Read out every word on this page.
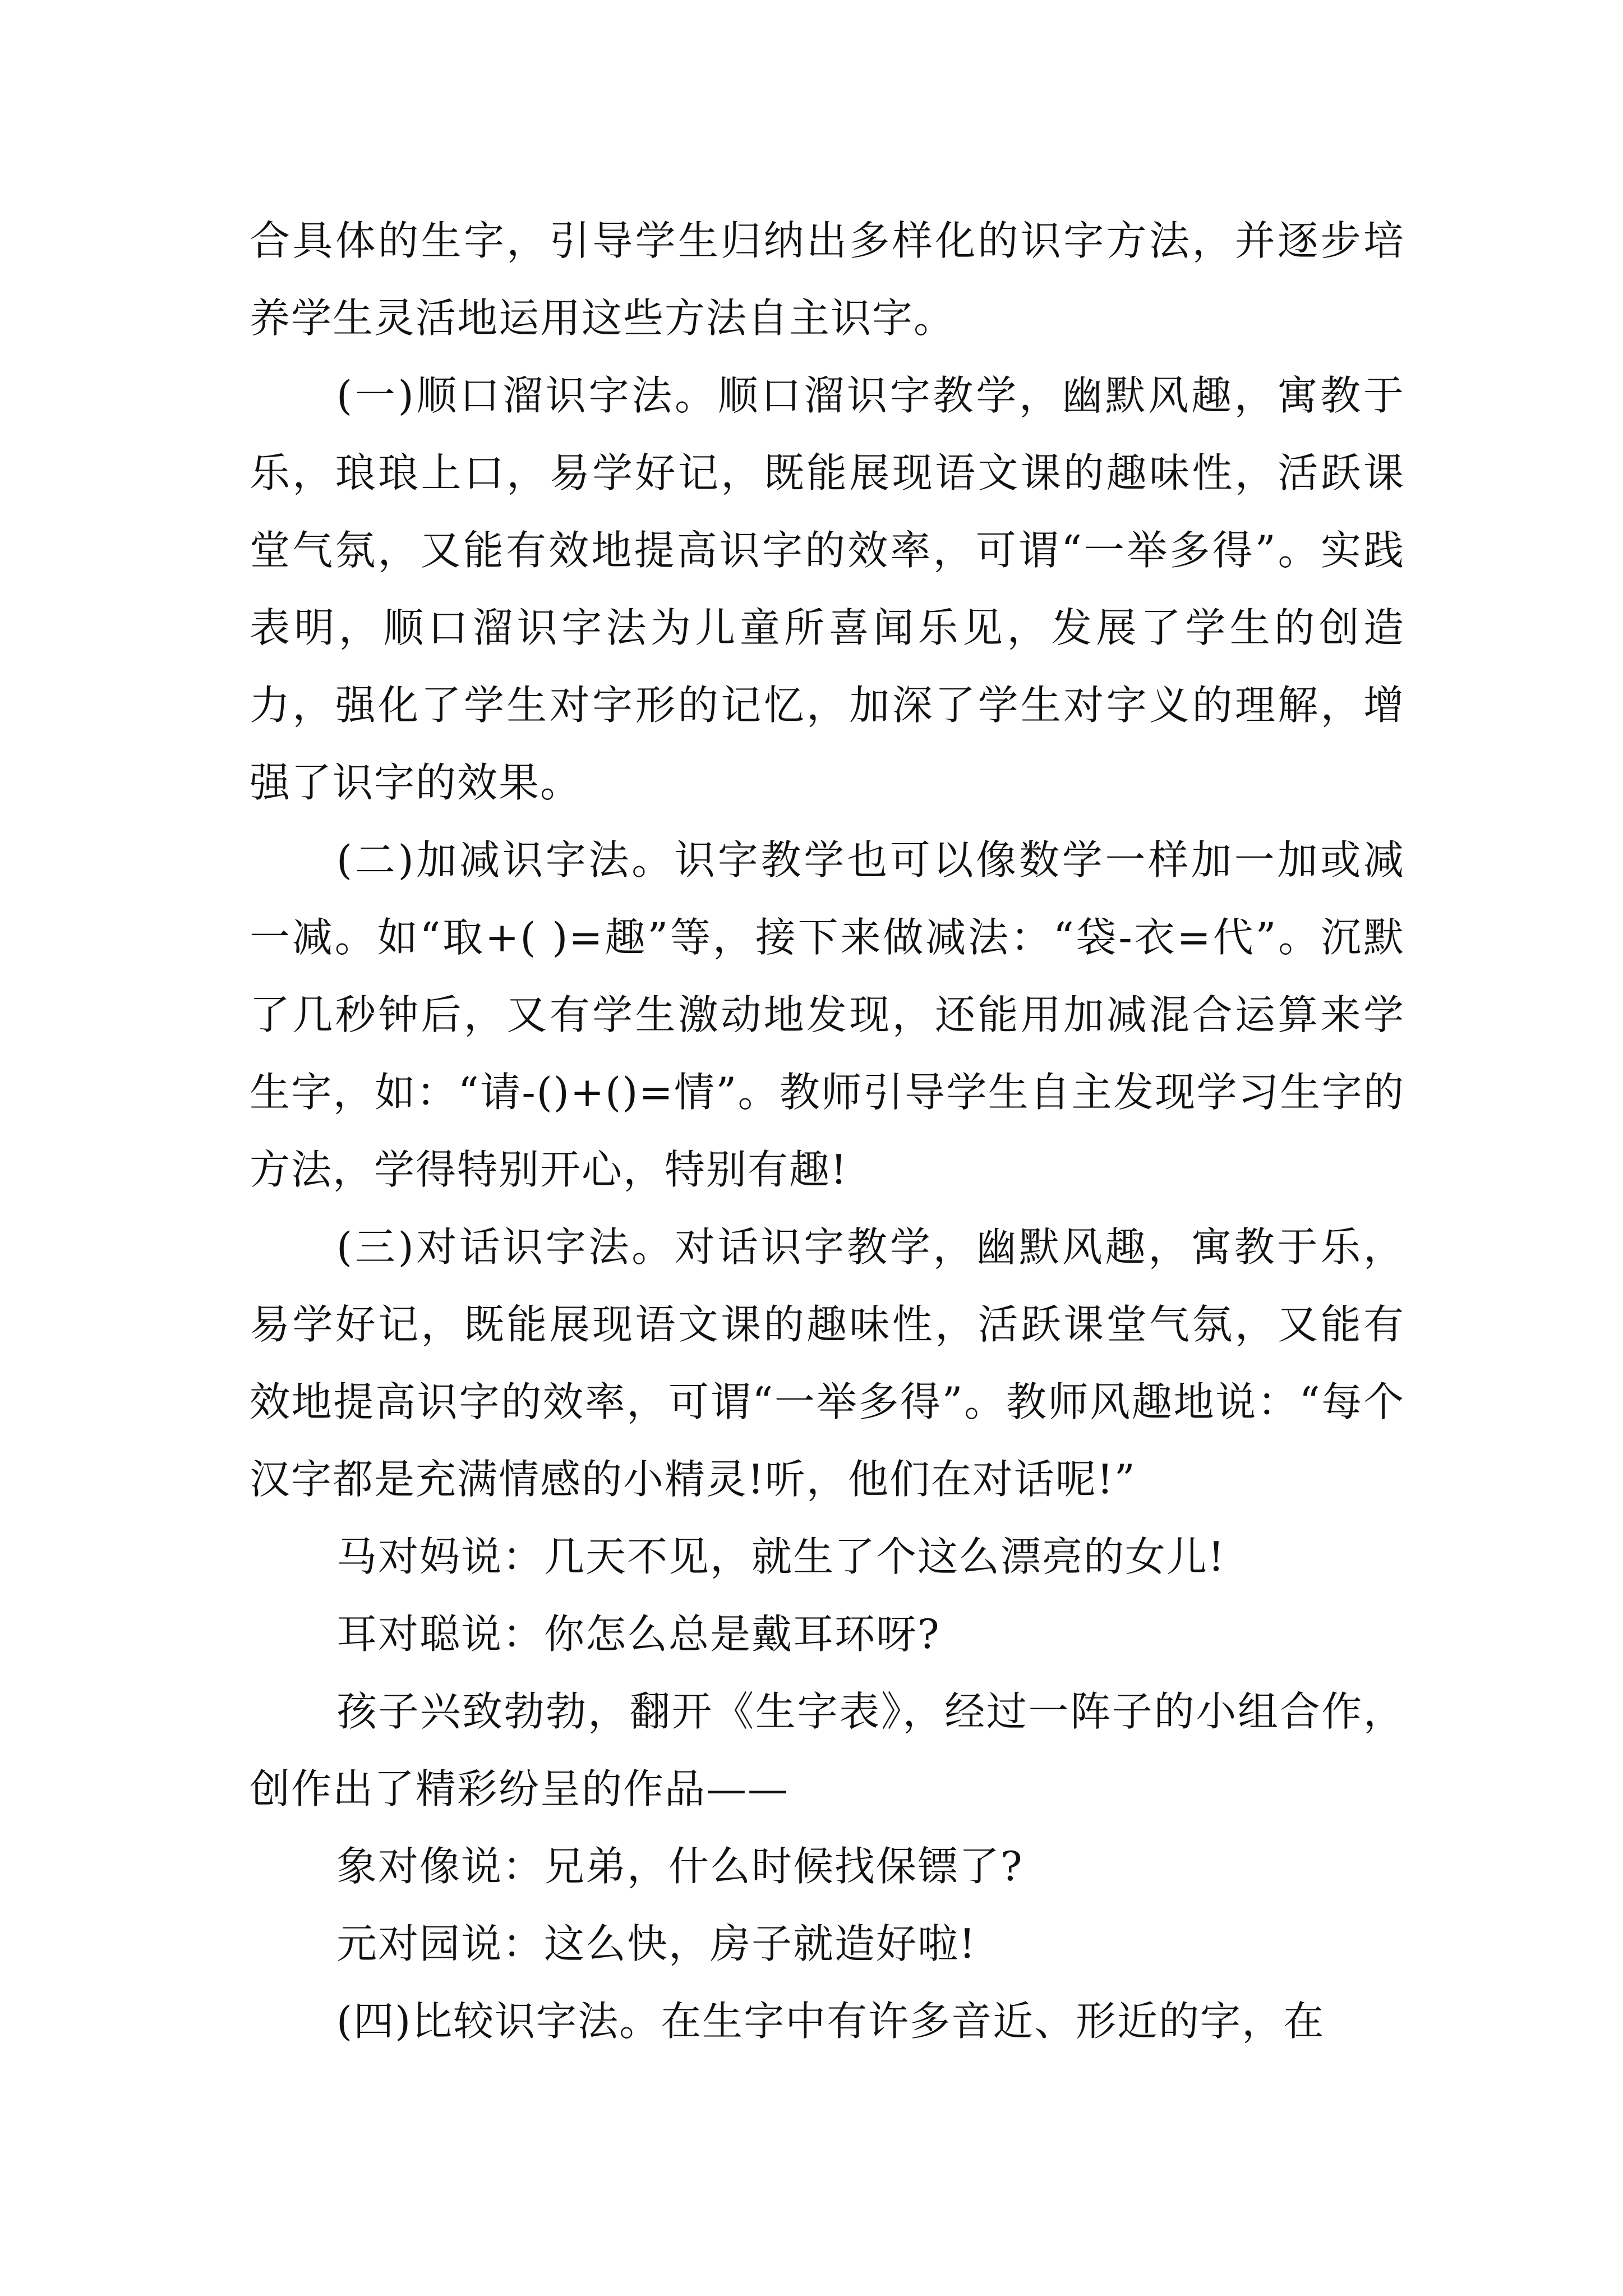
合具体的生字，引导学生归纳出多样化的识字方法，并逐步培养学生灵活地运用这些方法自主识字。

(一)顺口溜识字法。顺口溜识字教学，幽默风趣，寓教于乐，琅琅上口，易学好记，既能展现语文课的趣味性，活跃课堂气氛，又能有效地提高识字的效率，可谓“一举多得”。实践表明，顺口溜识字法为儿童所喜闻乐见，发展了学生的创造力，强化了学生对字形的记忆，加深了学生对字义的理解，增强了识字的效果。

(二)加减识字法。识字教学也可以像数学一样加一加或减一减。如“取+( )=趣”等，接下来做减法：“袋-衣=代”。沉默了几秒钟后，又有学生激动地发现，还能用加减混合运算来学生字，如：“请-()+()=情”。教师引导学生自主发现学习生字的方法，学得特别开心，特别有趣!

(三)对话识字法。对话识字教学，幽默风趣，寓教于乐，易学好记，既能展现语文课的趣味性，活跃课堂气氛，又能有效地提高识字的效率，可谓“一举多得”。教师风趣地说：“每个汉字都是充满情感的小精灵!听，他们在对话呢!”

马对妈说：几天不见，就生了个这么漂亮的女儿!

耳对聪说：你怎么总是戴耳环呀?

孩子兴致勃勃，翻开《生字表》，经过一阵子的小组合作，创作出了精彩纷呈的作品——

象对像说：兄弟，什么时候找保镖了?

元对园说：这么快，房子就造好啦!

(四)比较识字法。在生字中有许多音近、形近的字，在
